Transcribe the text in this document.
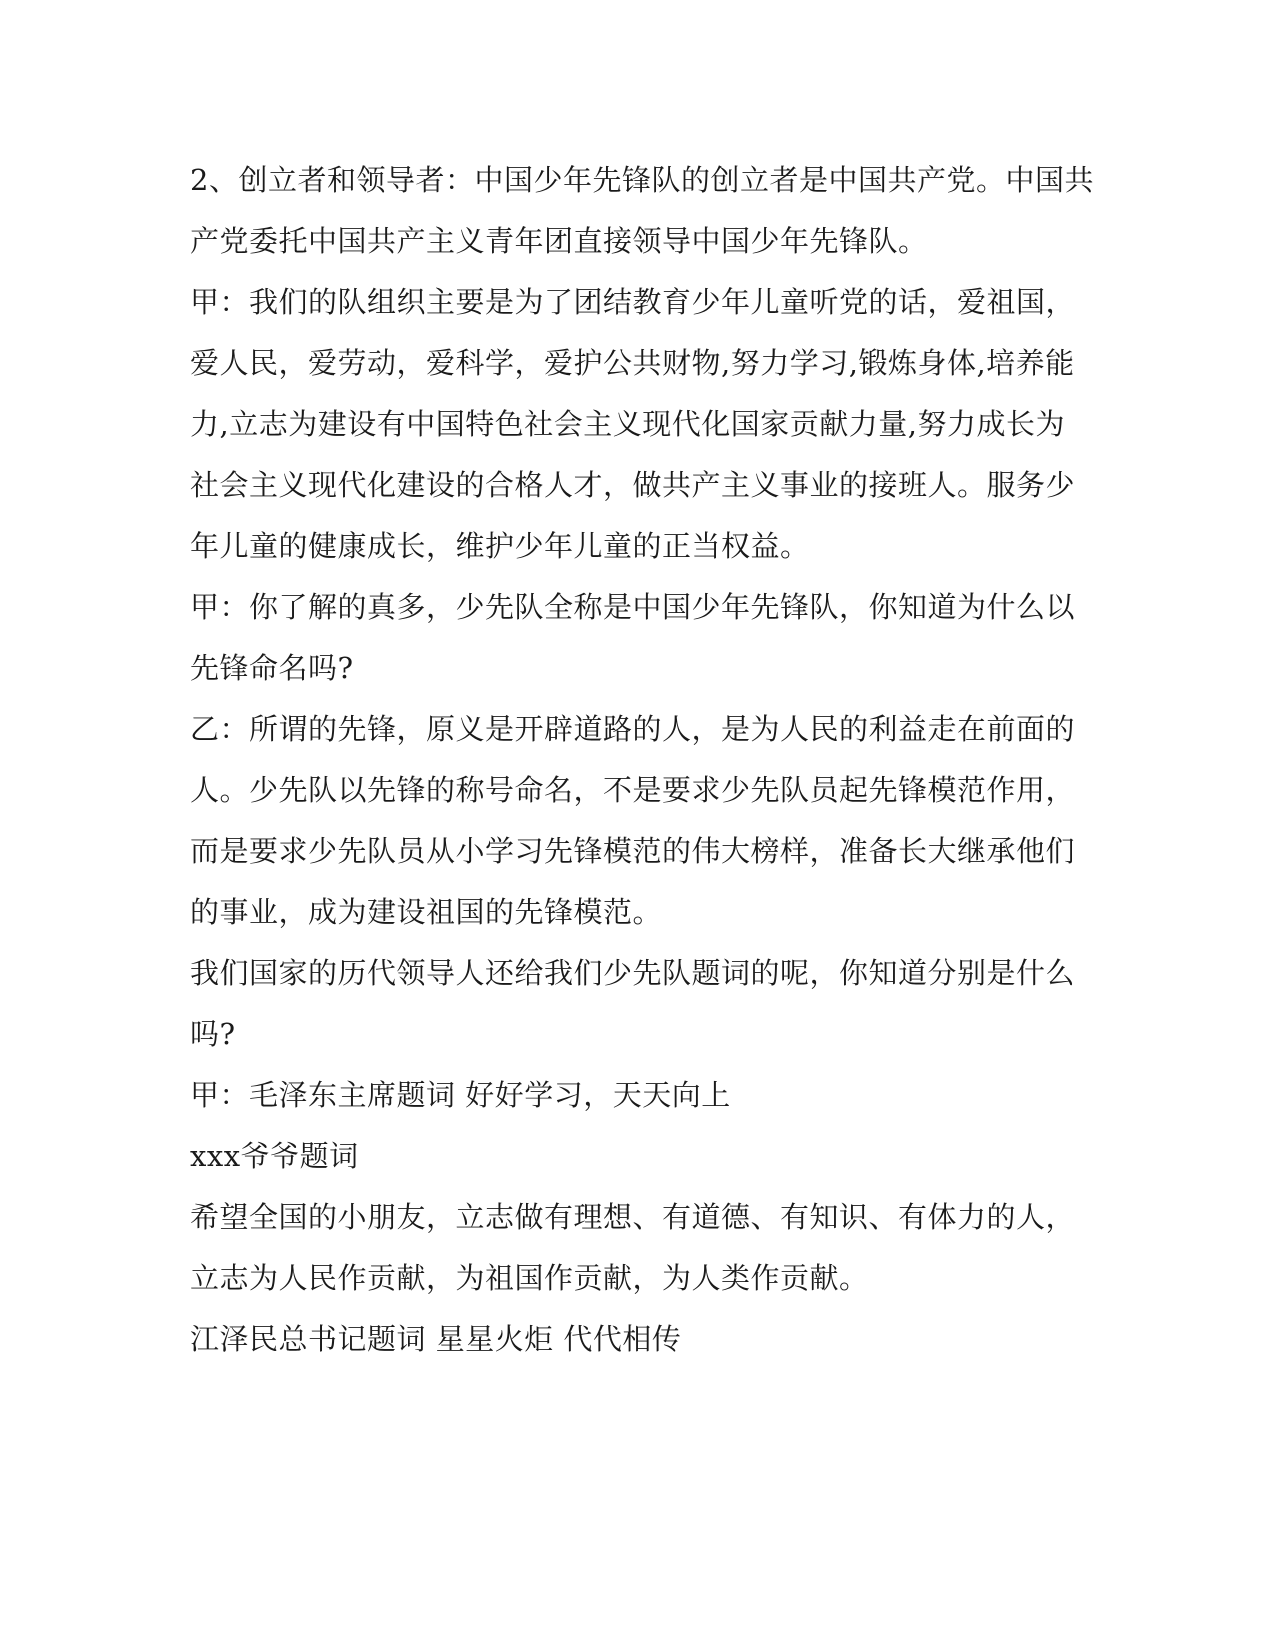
2、创立者和领导者：中国少年先锋队的创立者是中国共产党。中国共
产党委托中国共产主义青年团直接领导中国少年先锋队。
甲：我们的队组织主要是为了团结教育少年儿童听党的话，爱祖国，
爱人民，爱劳动，爱科学，爱护公共财物,努力学习,锻炼身体,培养能
力,立志为建设有中国特色社会主义现代化国家贡献力量,努力成长为
社会主义现代化建设的合格人才，做共产主义事业的接班人。服务少
年儿童的健康成长，维护少年儿童的正当权益。
甲：你了解的真多，少先队全称是中国少年先锋队，你知道为什么以
先锋命名吗?
乙：所谓的先锋，原义是开辟道路的人，是为人民的利益走在前面的
人。少先队以先锋的称号命名，不是要求少先队员起先锋模范作用，
而是要求少先队员从小学习先锋模范的伟大榜样，准备长大继承他们
的事业，成为建设祖国的先锋模范。
我们国家的历代领导人还给我们少先队题词的呢，你知道分别是什么
吗?
甲：毛泽东主席题词 好好学习，天天向上
xxx爷爷题词
希望全国的小朋友，立志做有理想、有道德、有知识、有体力的人，
立志为人民作贡献，为祖国作贡献，为人类作贡献。
江泽民总书记题词 星星火炬 代代相传
